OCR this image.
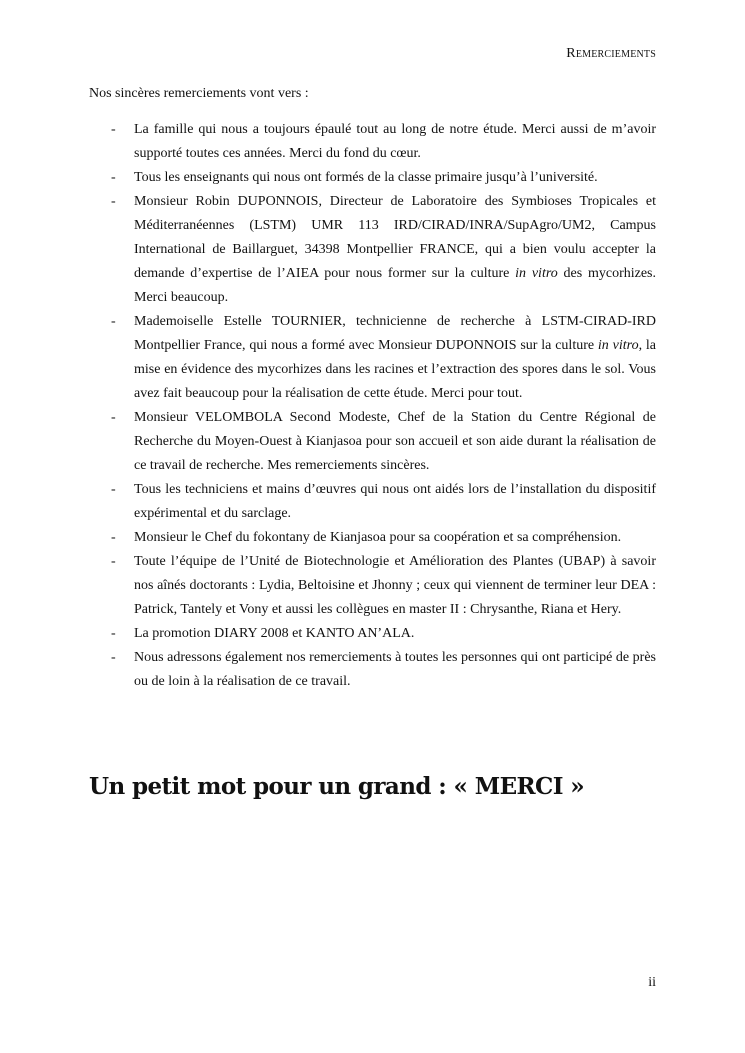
Remerciements
Nos sincères remerciements vont vers :
- La famille qui nous a toujours épaulé tout au long de notre étude. Merci aussi de m’avoir supporté toutes ces années. Merci du fond du cœur.
- Tous les enseignants qui nous ont formés de la classe primaire jusqu’à l’université.
- Monsieur Robin DUPONNOIS, Directeur de Laboratoire des Symbioses Tropicales et Méditerranéennes (LSTM) UMR 113 IRD/CIRAD/INRA/SupAgro/UM2, Campus International de Baillarguet, 34398 Montpellier FRANCE, qui a bien voulu accepter la demande d’expertise de l’AIEA pour nous former sur la culture in vitro des mycorhizes. Merci beaucoup.
- Mademoiselle Estelle TOURNIER, technicienne de recherche à LSTM-CIRAD-IRD Montpellier France, qui nous a formé avec Monsieur DUPONNOIS sur la culture in vitro, la mise en évidence des mycorhizes dans les racines et l’extraction des spores dans le sol. Vous avez fait beaucoup pour la réalisation de cette étude. Merci pour tout.
- Monsieur VELOMBOLA Second Modeste, Chef de la Station du Centre Régional de Recherche du Moyen-Ouest à Kianjasoa pour son accueil et son aide durant la réalisation de ce travail de recherche. Mes remerciements sincères.
- Tous les techniciens et mains d’œuvres qui nous ont aidés lors de l’installation du dispositif expérimental et du sarclage.
- Monsieur le Chef du fokontany de Kianjasoa pour sa coopération et sa compréhension.
- Toute l’équipe de l’Unité de Biotechnologie et Amélioration des Plantes (UBAP) à savoir nos aînés doctorants : Lydia, Beltoisine et Jhonny ; ceux qui viennent de terminer leur DEA : Patrick, Tantely et Vony et aussi les collègues en master II : Chrysanthe, Riana et Hery.
- La promotion DIARY 2008 et KANTO AN’ALA.
- Nous adressons également nos remerciements à toutes les personnes qui ont participé de près ou de loin à la réalisation de ce travail.
Un petit mot pour un grand : « MERCI »
ii
